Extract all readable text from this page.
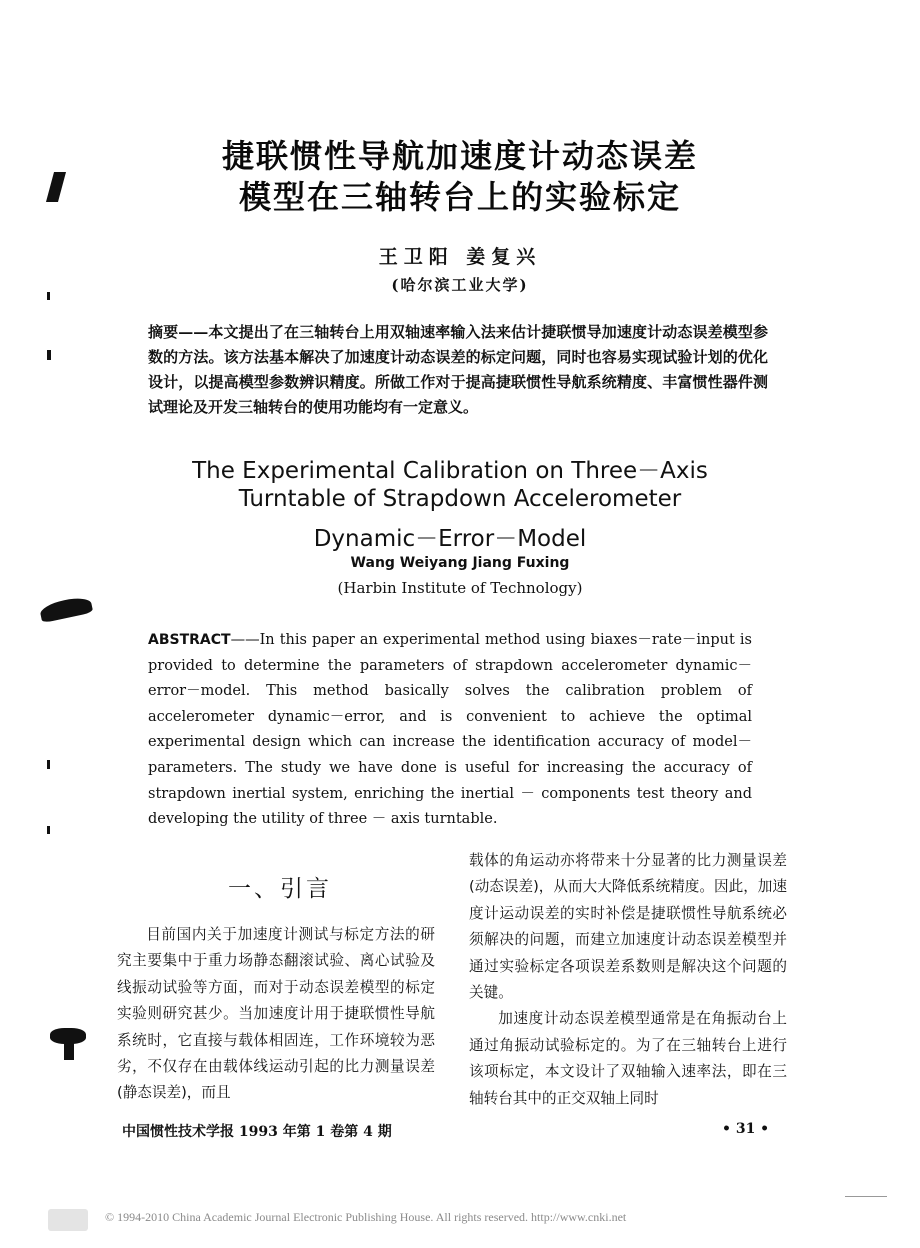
捷联惯性导航加速度计动态误差
模型在三轴转台上的实验标定
王卫阳 姜复兴
(哈尔滨工业大学)
摘要——本文提出了在三轴转台上用双轴速率输入法来估计捷联惯导加速度计动态误差模型参数的方法。该方法基本解决了加速度计动态误差的标定问题，同时也容易实现试验计划的优化设计，以提高模型参数辨识精度。所做工作对于提高捷联惯性导航系统精度、丰富惯性器件测试理论及开发三轴转台的使用功能均有一定意义。
The Experimental Calibration on Three－Axis
Turntable of Strapdown Accelerometer
Dynamic－Error－Model
Wang Weiyang Jiang Fuxing
(Harbin Institute of Technology)
ABSTRACT——In this paper an experimental method using biaxes－rate－input is provided to determine the parameters of strapdown accelerometer dynamic－error－model. This method basically solves the calibration problem of accelerometer dynamic－error, and is convenient to achieve the optimal experimental design which can increase the identification accuracy of model－parameters. The study we have done is useful for increasing the accuracy of strapdown inertial system, enriching the inertial － components test theory and developing the utility of three － axis turntable.
一、引言

目前国内关于加速度计测试与标定方法的研究主要集中于重力场静态翻滚试验、离心试验及线振动试验等方面，而对于动态误差模型的标定实验则研究甚少。当加速度计用于捷联惯性导航系统时，它直接与载体相固连，工作环境较为恶劣，不仅存在由载体线运动引起的比力测量误差(静态误差)，而且

载体的角运动亦将带来十分显著的比力测量误差(动态误差)，从而大大降低系统精度。因此，加速度计运动误差的实时补偿是捷联惯性导航系统必须解决的问题，而建立加速度计动态误差模型并通过实验标定各项误差系数则是解决这个问题的关键。

加速度计动态误差模型通常是在角振动台上通过角振动试验标定的。为了在三轴转台上进行该项标定，本文设计了双轴输入速率法，即在三轴转台其中的正交双轴上同时

中国惯性技术学报 1993 年第 1 卷第 4 期	• 31 •
© 1994-2010 China Academic Journal Electronic Publishing House. All rights reserved. http://www.cnki.net
